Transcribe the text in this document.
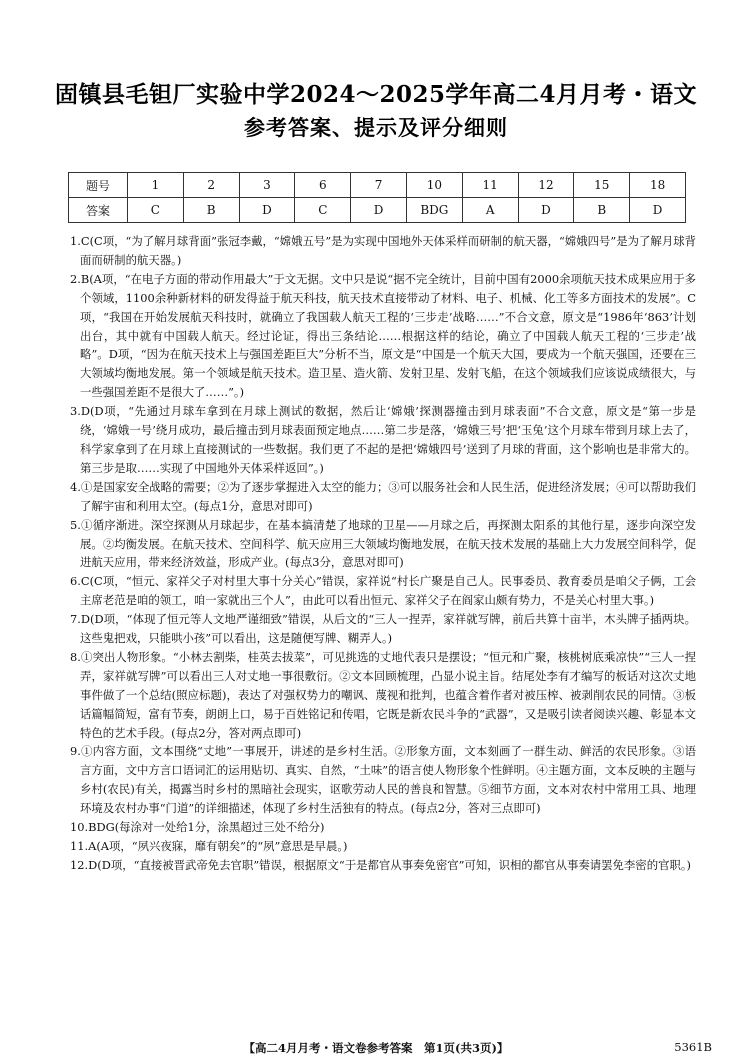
固镇县毛钽厂实验中学2024～2025学年高二4月月考・语文
参考答案、提示及评分细则
题号	1	2	3	6	7	10	11	12	15	18
答案	C	B	D	C	D	BDG	A	D	B	D

1.C(C项，“为了解月球背面”张冠李戴，“嫦娥五号”是为实现中国地外天体采样而研制的航天器，“嫦娥四号”是为了解月球背面而研制的航天器。)

2.B(A项，“在电子方面的带动作用最大”于文无据。文中只是说“据不完全统计，目前中国有2000余项航天技术成果应用于多个领域，1100余种新材料的研发得益于航天科技，航天技术直接带动了材料、电子、机械、化工等多方面技术的发展”。C项，“我国在开始发展航天科技时，就确立了我国载人航天工程的‘三步走’战略……”不合文意，原文是“1986年‘863’计划出台，其中就有中国载人航天。经过论证，得出三条结论……根据这样的结论，确立了中国载人航天工程的‘三步走’战略”。D项，“因为在航天技术上与强国差距巨大”分析不当，原文是“中国是一个航天大国，要成为一个航天强国，还要在三大领域均衡地发展。第一个领域是航天技术。造卫星、造火箭、发射卫星、发射飞船，在这个领域我们应该说成绩很大，与一些强国差距不是很大了……”。)

3.D(D项，“先通过月球车拿到在月球上测试的数据，然后让‘嫦娥’探测器撞击到月球表面”不合文意，原文是“第一步是绕，‘嫦娥一号’绕月成功，最后撞击到月球表面预定地点……第二步是落，‘嫦娥三号’把‘玉兔’这个月球车带到月球上去了，科学家拿到了在月球上直接测试的一些数据。我们更了不起的是把‘嫦娥四号’送到了月球的背面，这个影响也是非常大的。第三步是取……实现了中国地外天体采样返回”。)

4.①是国家安全战略的需要；②为了逐步掌握进入太空的能力；③可以服务社会和人民生活，促进经济发展；④可以帮助我们了解宇宙和利用太空。(每点1分，意思对即可)

5.①循序渐进。深空探测从月球起步，在基本搞清楚了地球的卫星——月球之后，再探测太阳系的其他行星，逐步向深空发展。②均衡发展。在航天技术、空间科学、航天应用三大领域均衡地发展，在航天技术发展的基础上大力发展空间科学，促进航天应用，带来经济效益，形成产业。(每点3分，意思对即可)

6.C(C项，“恒元、家祥父子对村里大事十分关心”错误，家祥说“村长广聚是自己人。民事委员、教育委员是咱父子俩，工会主席老范是咱的领工，咱一家就出三个人”，由此可以看出恒元、家祥父子在阎家山颇有势力，不是关心村里大事。)

7.D(D项，“体现了恒元等人文地严谨细致”错误，从后文的“三人一捏弄，家祥就写牌，前后共算十亩半，木头牌子插两块。这些鬼把戏，只能哄小孩”可以看出，这是随便写牌、糊弄人。)

8.①突出人物形象。“小林去割柴，桂英去拔菜”，可见挑选的丈地代表只是摆设；“恒元和广聚，核桃树底乘凉快”“三人一捏弄，家祥就写牌”可以看出三人对丈地一事很敷衍。②文本回顾梳理，凸显小说主旨。结尾处李有才编写的板话对这次丈地事件做了一个总结(照应标题)，表达了对强权势力的嘲讽、蔑视和批判，也蕴含着作者对被压榨、被剥削农民的同情。③板话篇幅简短，富有节奏，朗朗上口，易于百姓铭记和传唱，它既是新农民斗争的“武器”，又是吸引读者阅读兴趣、彰显本文特色的艺术手段。(每点2分，答对两点即可)

9.①内容方面，文本围绕“丈地”一事展开，讲述的是乡村生活。②形象方面，文本刻画了一群生动、鲜活的农民形象。③语言方面，文中方言口语词汇的运用贴切、真实、自然，“土味”的语言使人物形象个性鲜明。④主题方面，文本反映的主题与乡村(农民)有关，揭露当时乡村的黑暗社会现实，讴歌劳动人民的善良和智慧。⑤细节方面，文本对农村中常用工具、地理环境及农村办事“门道”的详细描述，体现了乡村生活独有的特点。(每点2分，答对三点即可)

10.BDG(每涂对一处给1分，涂黑超过三处不给分)

11.A(A项，“夙兴夜寐，靡有朝矣”的“夙”意思是早晨。)

12.D(D项，“直接被晋武帝免去官职”错误，根据原文“于是都官从事奏免密官”可知，识相的都官从事奏请罢免李密的官职。)

【高二4月月考・语文卷参考答案　第1页(共3页)】	5361B
